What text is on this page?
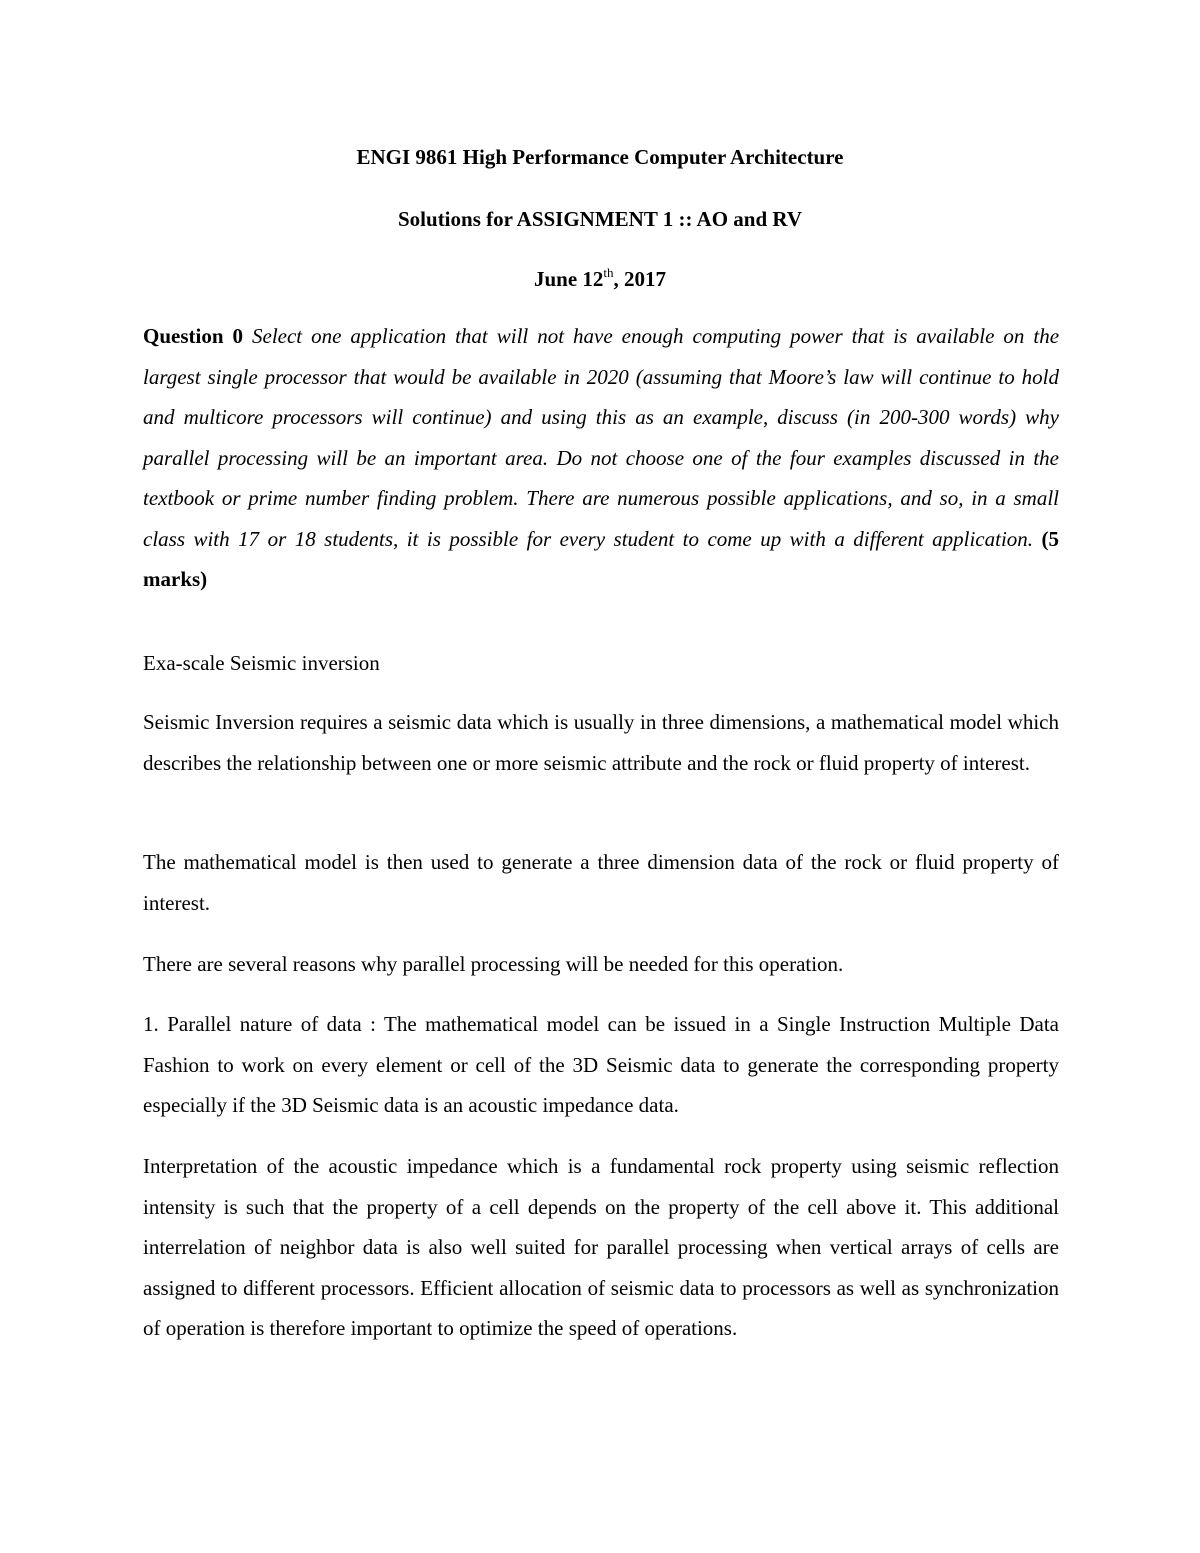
ENGI 9861 High Performance Computer Architecture
Solutions for ASSIGNMENT 1 :: AO and RV
June 12th, 2017
Question 0 Select one application that will not have enough computing power that is available on the largest single processor that would be available in 2020 (assuming that Moore’s law will continue to hold and multicore processors will continue) and using this as an example, discuss (in 200-300 words) why parallel processing will be an important area. Do not choose one of the four examples discussed in the textbook or prime number finding problem. There are numerous possible applications, and so, in a small class with 17 or 18 students, it is possible for every student to come up with a different application. (5 marks)
Exa-scale Seismic inversion
Seismic Inversion requires a seismic data which is usually in three dimensions, a mathematical model which describes the relationship between one or more seismic attribute and the rock or fluid property of interest.
The mathematical model is then used to generate a three dimension data of the rock or fluid property of interest.
There are several reasons why parallel processing will be needed for this operation.
1. Parallel nature of data : The mathematical model can be issued in a Single Instruction Multiple Data Fashion to work on every element or cell of the 3D Seismic data to generate the corresponding property especially if the 3D Seismic data is an acoustic impedance data.
Interpretation of the acoustic impedance which is a fundamental rock property using seismic reflection intensity is such that the property of a cell depends on the property of the cell above it. This additional interrelation of neighbor data is also well suited for parallel processing when vertical arrays of cells are assigned to different processors. Efficient allocation of seismic data to processors as well as synchronization of operation is therefore important to optimize the speed of operations.
